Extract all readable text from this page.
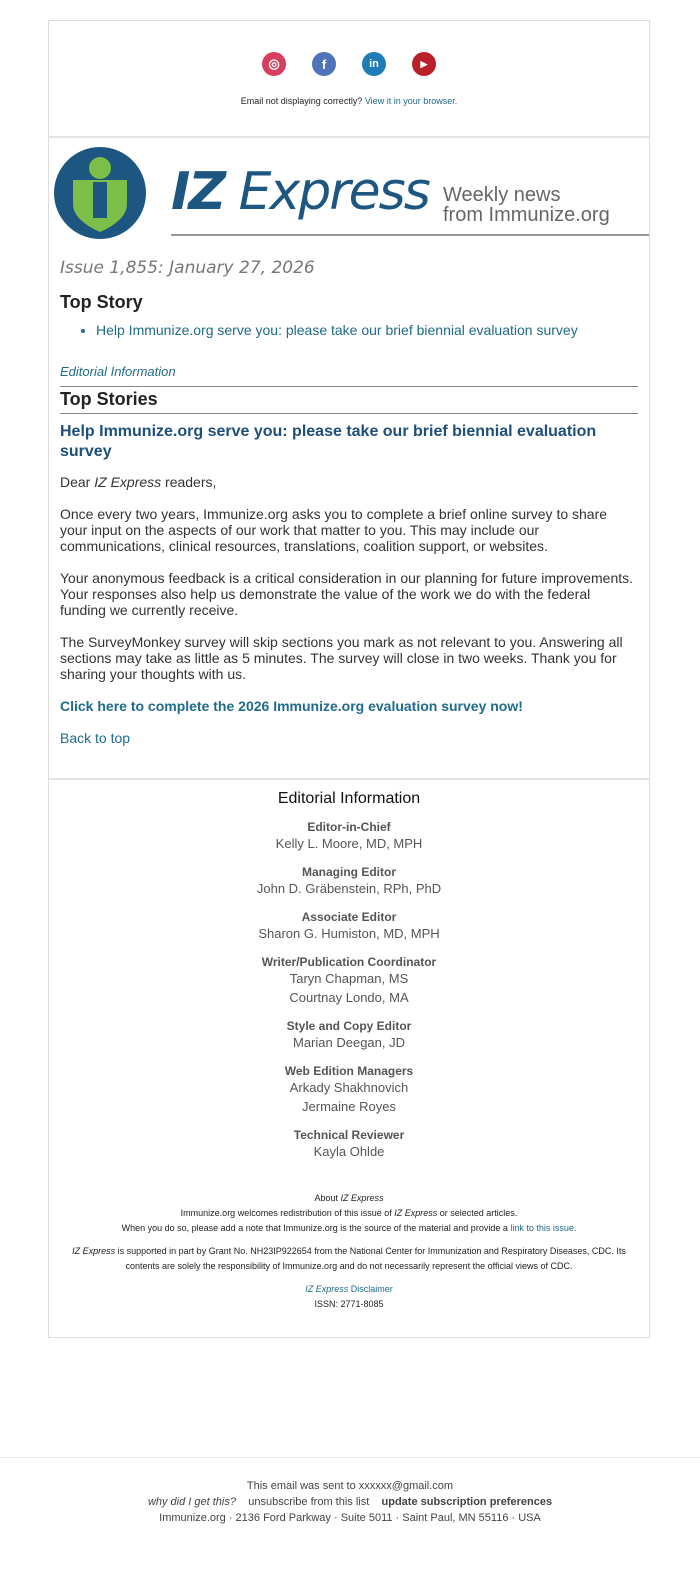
◎	f	in	▶
Email not displaying correctly? View it in your browser.
IZ Express Weekly news
from Immunize.org
Issue 1,855: January 27, 2026
Top Story
• Help Immunize.org serve you: please take our brief biennial evaluation survey
Editorial Information
Top Stories
Help Immunize.org serve you: please take our brief biennial evaluation survey

Dear IZ Express readers,

Once every two years, Immunize.org asks you to complete a brief online survey to share your input on the aspects of our work that matter to you. This may include our communications, clinical resources, translations, coalition support, or websites.

Your anonymous feedback is a critical consideration in our planning for future improvements. Your responses also help us demonstrate the value of the work we do with the federal funding we currently receive.

The SurveyMonkey survey will skip sections you mark as not relevant to you. Answering all sections may take as little as 5 minutes. The survey will close in two weeks. Thank you for sharing your thoughts with us.

Click here to complete the 2026 Immunize.org evaluation survey now!

Back to top

Editorial Information
Editor-in-Chief
Kelly L. Moore, MD, MPH
Managing Editor
John D. Gräbenstein, RPh, PhD
Associate Editor
Sharon G. Humiston, MD, MPH
Writer/Publication Coordinator
Taryn Chapman, MS
Courtnay Londo, MA
Style and Copy Editor
Marian Deegan, JD
Web Edition Managers
Arkady Shakhnovich
Jermaine Royes
Technical Reviewer
Kayla Ohlde
About IZ Express
Immunize.org welcomes redistribution of this issue of IZ Express or selected articles.
When you do so, please add a note that Immunize.org is the source of the material and provide a link to this issue.
IZ Express is supported in part by Grant No. NH23IP922654 from the National Center for Immunization and Respiratory Diseases, CDC. Its contents are solely the responsibility of Immunize.org and do not necessarily represent the official views of CDC.
IZ Express Disclaimer
ISSN: 2771-8085
This email was sent to xxxxxx@gmail.com
why did I get this? unsubscribe from this list update subscription preferences
Immunize.org · 2136 Ford Parkway · Suite 5011 · Saint Paul, MN 55116 · USA
